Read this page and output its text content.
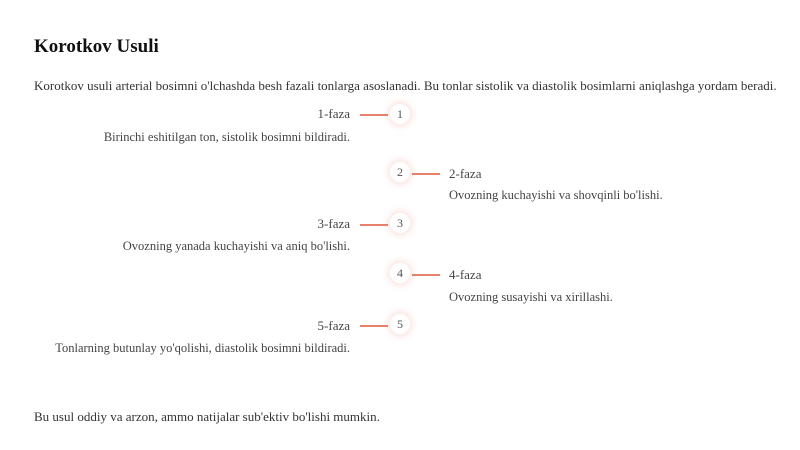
Korotkov Usuli

Korotkov usuli arterial bosimni o'lchashda besh fazali tonlarga asoslanadi. Bu tonlar sistolik va diastolik bosimlarni aniqlashga yordam beradi.

1-faza	1
Birinchi eshitilgan ton, sistolik bosimni bildiradi.
2	2-faza
Ovozning kuchayishi va shovqinli bo'lishi.
3-faza	3
Ovozning yanada kuchayishi va aniq bo'lishi.
4	4-faza
Ovozning susayishi va xirillashi.
5-faza	5
Tonlarning butunlay yo'qolishi, diastolik bosimni bildiradi.

Bu usul oddiy va arzon, ammo natijalar sub'ektiv bo'lishi mumkin.
